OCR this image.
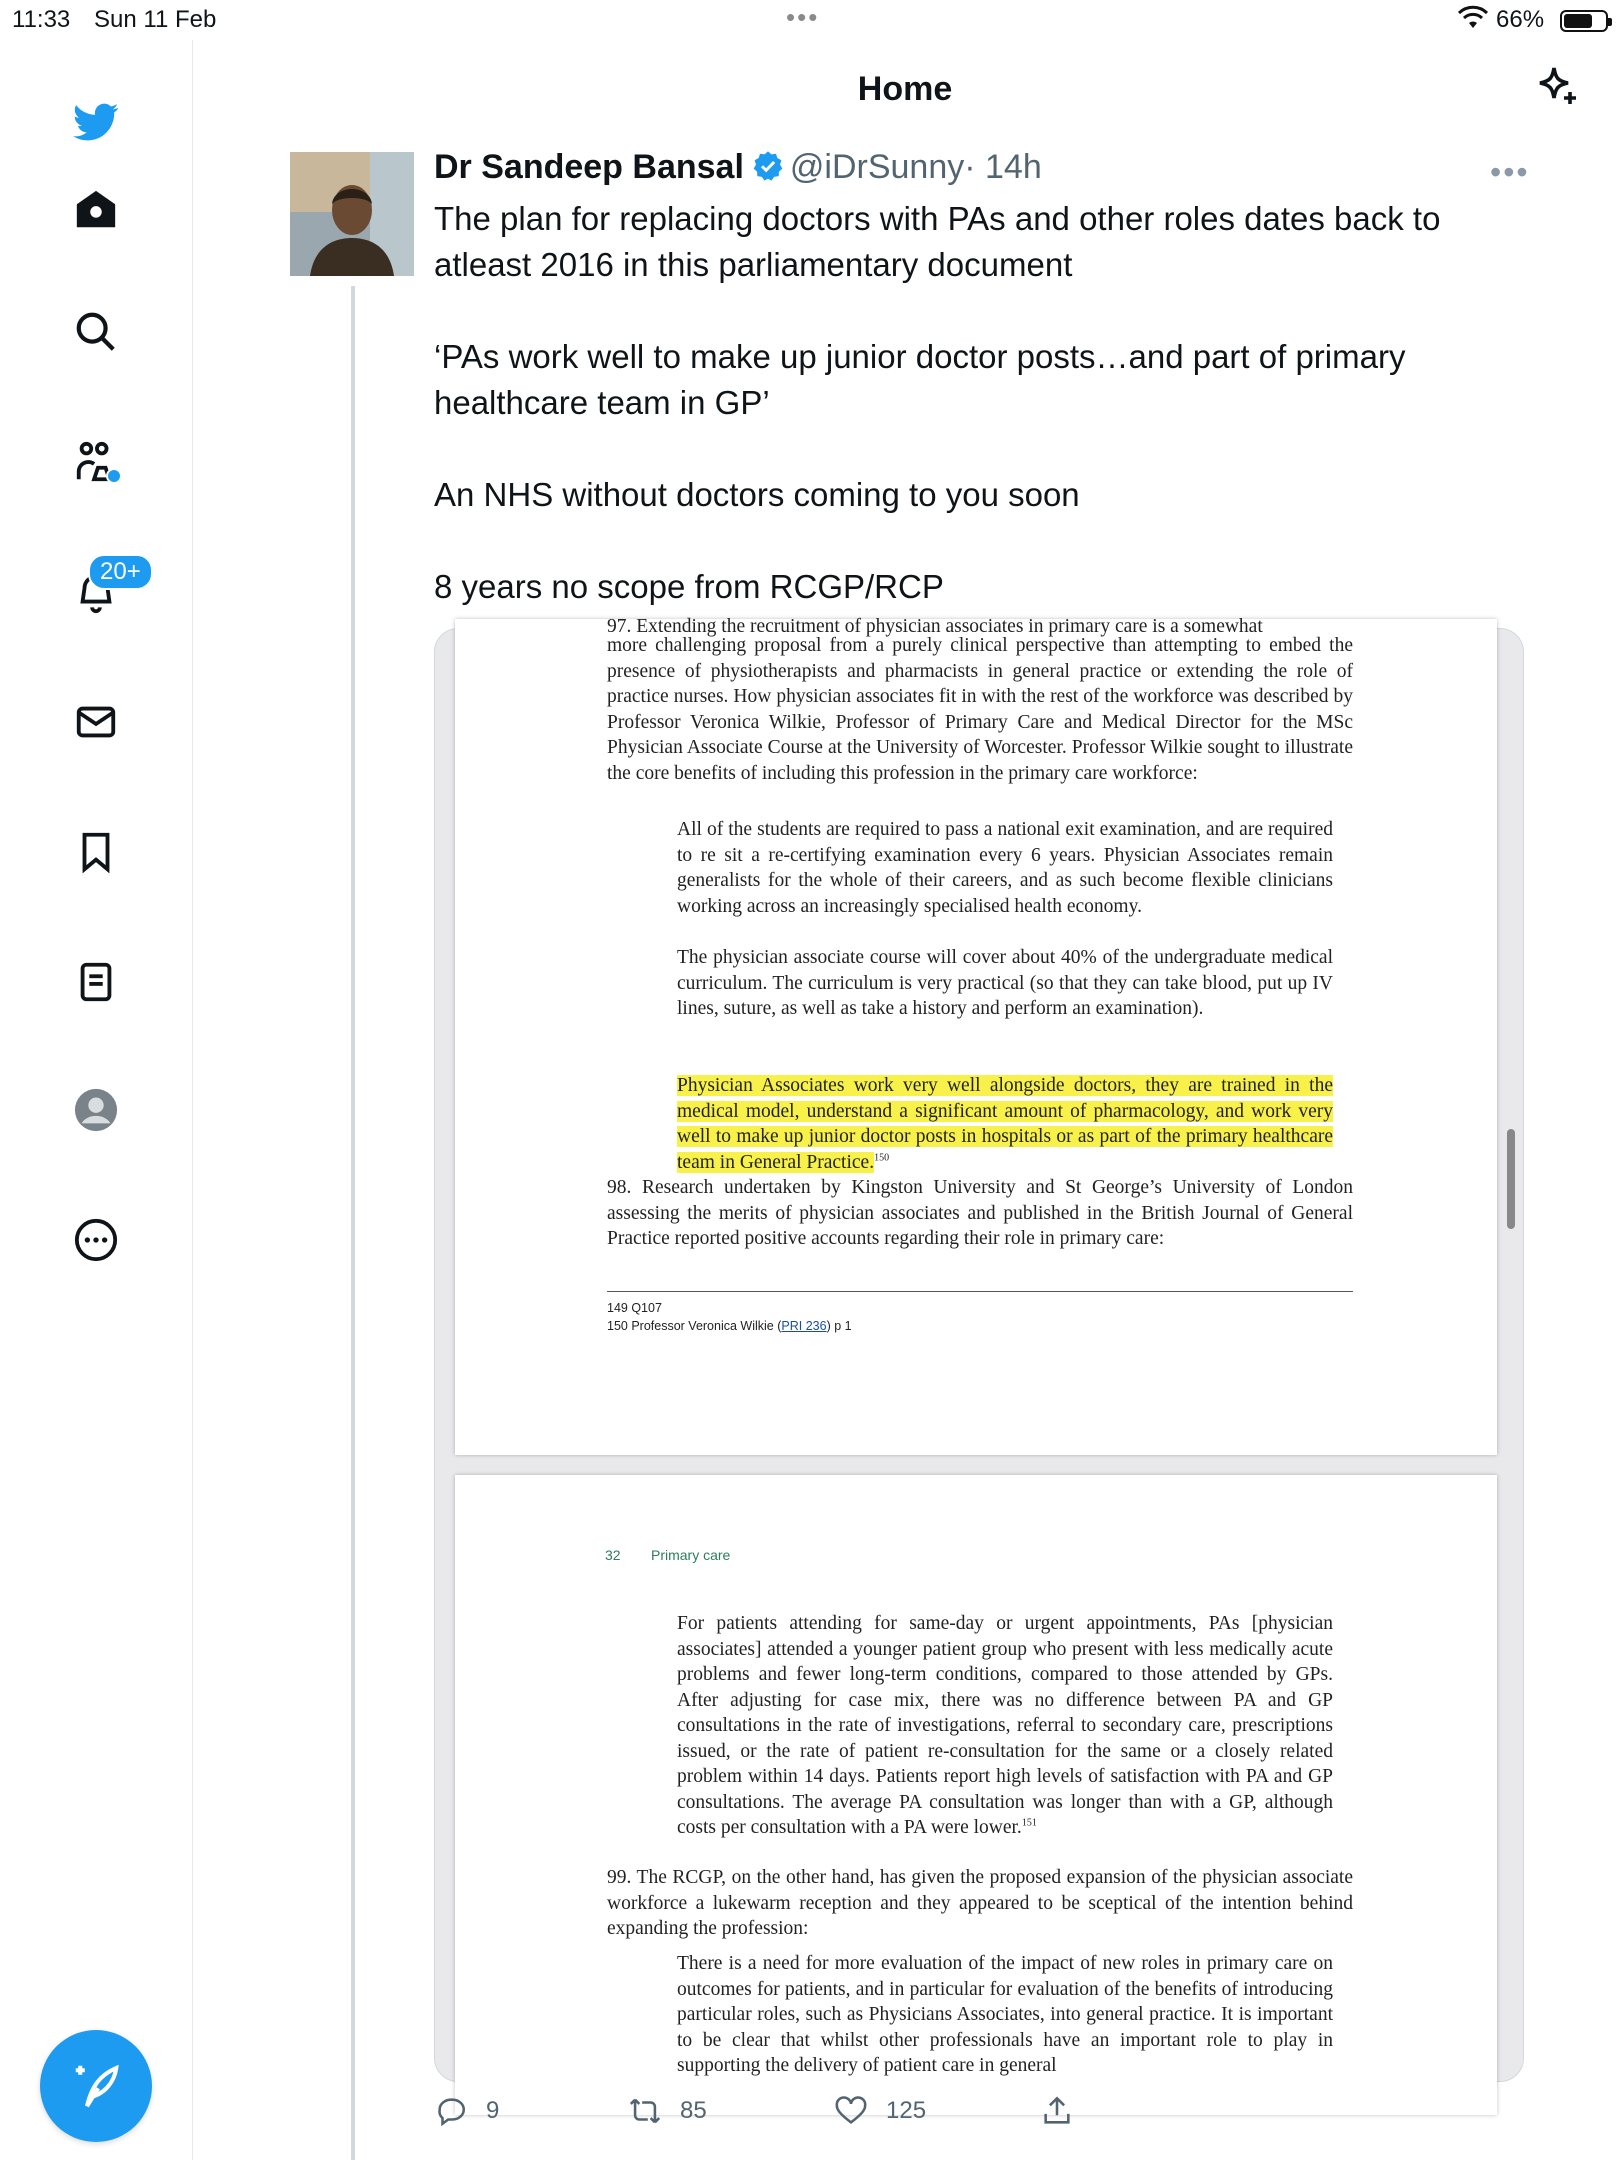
11:33 Sun 11 Feb	•••	66%
20+
Home
Dr Sandeep Bansal @iDrSunny· 14h	•••
The plan for replacing doctors with PAs and other roles dates back to atleast 2016 in this parliamentary document

‘PAs work well to make up junior doctor posts…and part of primary healthcare team in GP’

An NHS without doctors coming to you soon

8 years no scope from RCGP/RCP
97. Extending the recruitment of physician associates in primary care is a somewhat
more challenging proposal from a purely clinical perspective than attempting to embed the presence of physiotherapists and pharmacists in general practice or extending the role of practice nurses. How physician associates fit in with the rest of the workforce was described by Professor Veronica Wilkie, Professor of Primary Care and Medical Director for the MSc Physician Associate Course at the University of Worcester. Professor Wilkie sought to illustrate the core benefits of including this profession in the primary care workforce:
All of the students are required to pass a national exit examination, and are required to re sit a re-certifying examination every 6 years. Physician Associates remain generalists for the whole of their careers, and as such become flexible clinicians working across an increasingly specialised health economy.
The physician associate course will cover about 40% of the undergraduate medical curriculum. The curriculum is very practical (so that they can take blood, put up IV lines, suture, as well as take a history and perform an examination).
Physician Associates work very well alongside doctors, they are trained in the medical model, understand a significant amount of pharmacology, and work very well to make up junior doctor posts in hospitals or as part of the primary healthcare team in General Practice.$^{150}$
98. Research undertaken by Kingston University and St George’s University of London assessing the merits of physician associates and published in the British Journal of General Practice reported positive accounts regarding their role in primary care:
149 Q107
150 Professor Veronica Wilkie (PRI 236) p 1
32 Primary care
For patients attending for same-day or urgent appointments, PAs [physician associates] attended a younger patient group who present with less medically acute problems and fewer long-term conditions, compared to those attended by GPs. After adjusting for case mix, there was no difference between PA and GP consultations in the rate of investigations, referral to secondary care, prescriptions issued, or the rate of patient re-consultation for the same or a closely related problem within 14 days. Patients report high levels of satisfaction with PA and GP consultations. The average PA consultation was longer than with a GP, although costs per consultation with a PA were lower.$^{151}$
99. The RCGP, on the other hand, has given the proposed expansion of the physician associate workforce a lukewarm reception and they appeared to be sceptical of the intention behind expanding the profession:
There is a need for more evaluation of the impact of new roles in primary care on outcomes for patients, and in particular for evaluation of the benefits of introducing particular roles, such as Physicians Associates, into general practice. It is important to be clear that whilst other professionals have an important role to play in supporting the delivery of patient care in general
9	85	125
